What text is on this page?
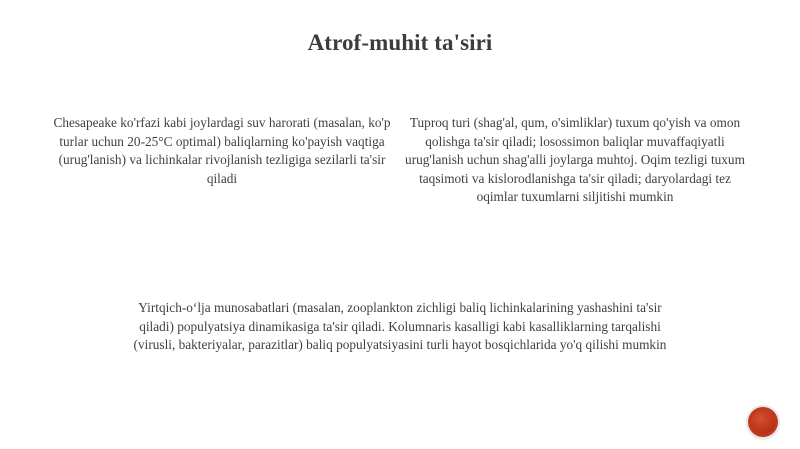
Atrof-muhit ta'siri
Chesapeake ko'rfazi kabi joylardagi suv harorati (masalan, ko'p turlar uchun 20-25°C optimal) baliqlarning ko'payish vaqtiga (urug'lanish) va lichinkalar rivojlanish tezligiga sezilarli ta'sir qiladi
Tuproq turi (shag'al, qum, o'simliklar) tuxum qo'yish va omon qolishga ta'sir qiladi; losossimon baliqlar muvaffaqiyatli urug'lanish uchun shag'alli joylarga muhtoj. Oqim tezligi tuxum taqsimoti va kislorodlanishga ta'sir qiladi; daryolardagi tez oqimlar tuxumlarni siljitishi mumkin
Yirtqich-o‘lja munosabatlari (masalan, zooplankton zichligi baliq lichinkalarining yashashini ta'sir qiladi) populyatsiya dinamikasiga ta'sir qiladi. Kolumnaris kasalligi kabi kasalliklarning tarqalishi (virusli, bakteriyalar, parazitlar) baliq populyatsiyasini turli hayot bosqichlarida yo'q qilishi mumkin
